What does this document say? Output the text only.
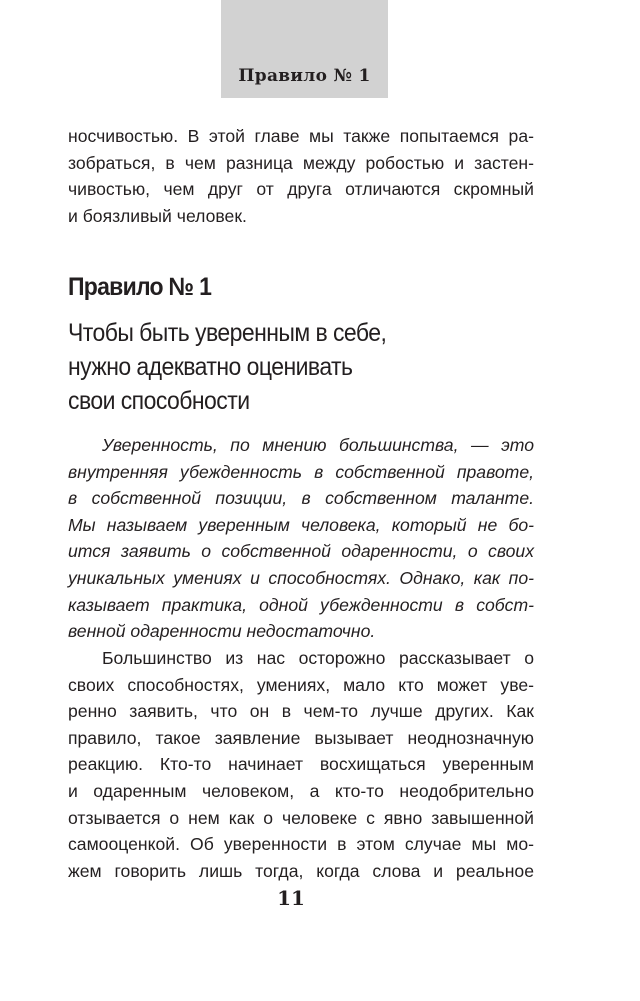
Правило № 1
носчивостью. В этой главе мы также попытаемся ра-
зобраться, в чем разница между робостью и застен-
чивостью, чем друг от друга отличаются скромный
и боязливый человек.
Правило № 1
Чтобы быть уверенным в себе,
нужно адекватно оценивать
свои способности
Уверенность, по мнению большинства, — это
внутренняя убежденность в собственной правоте,
в собственной позиции, в собственном таланте.
Мы называем уверенным человека, который не бо-
ится заявить о собственной одаренности, о своих
уникальных умениях и способностях. Однако, как по-
казывает практика, одной убежденности в собст-
венной одаренности недостаточно.
Большинство из нас осторожно рассказывает о
своих способностях, умениях, мало кто может уве-
ренно заявить, что он в чем-то лучше других. Как
правило, такое заявление вызывает неоднозначную
реакцию. Кто-то начинает восхищаться уверенным
и одаренным человеком, а кто-то неодобрительно
отзывается о нем как о человеке с явно завышенной
самооценкой. Об уверенности в этом случае мы мо-
жем говорить лишь тогда, когда слова и реальное
11
